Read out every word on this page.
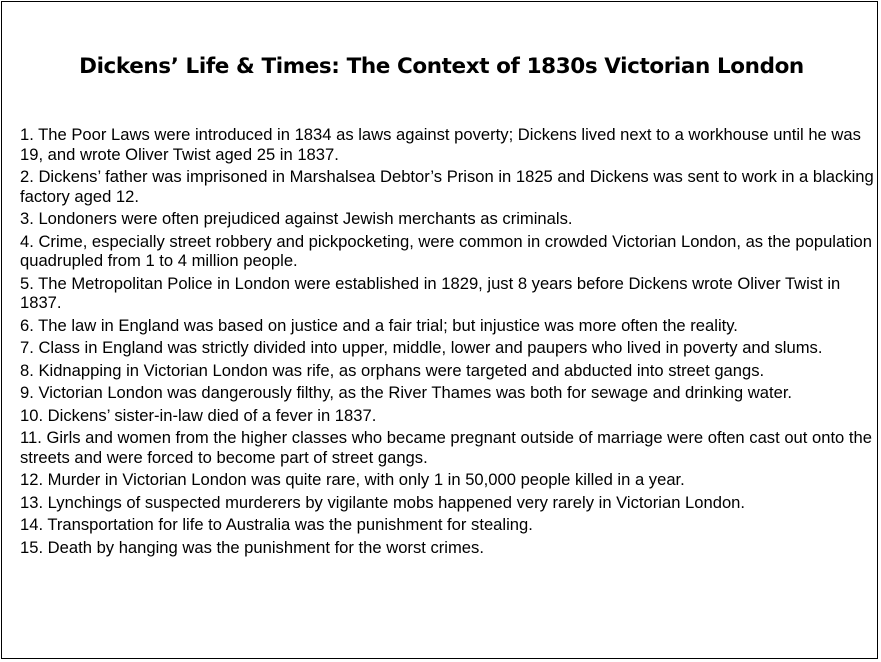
Dickens’ Life & Times: The Context of 1830s Victorian London
1. The Poor Laws were introduced in 1834 as laws against poverty; Dickens lived next to a workhouse until he was 19, and wrote Oliver Twist aged 25 in 1837.
2. Dickens’ father was imprisoned in Marshalsea Debtor’s Prison in 1825 and Dickens was sent to work in a blacking factory aged 12.
3. Londoners were often prejudiced against Jewish merchants as criminals.
4. Crime, especially street robbery and pickpocketing, were common in crowded Victorian London, as the population quadrupled from 1 to 4 million people.
5. The Metropolitan Police in London were established in 1829, just 8 years before Dickens wrote Oliver Twist in 1837.
6. The law in England was based on justice and a fair trial; but injustice was more often the reality.
7. Class in England was strictly divided into upper, middle, lower and paupers who lived in poverty and slums.
8. Kidnapping in Victorian London was rife, as orphans were targeted and abducted into street gangs.
9. Victorian London was dangerously filthy, as the River Thames was both for sewage and drinking water.
10. Dickens’ sister-in-law died of a fever in 1837.
11. Girls and women from the higher classes who became pregnant outside of marriage were often cast out onto the streets and were forced to become part of street gangs.
12. Murder in Victorian London was quite rare, with only 1 in 50,000 people killed in a year.
13. Lynchings of suspected murderers by vigilante mobs happened very rarely in Victorian London.
14. Transportation for life to Australia was the punishment for stealing.
15. Death by hanging was the punishment for the worst crimes.
